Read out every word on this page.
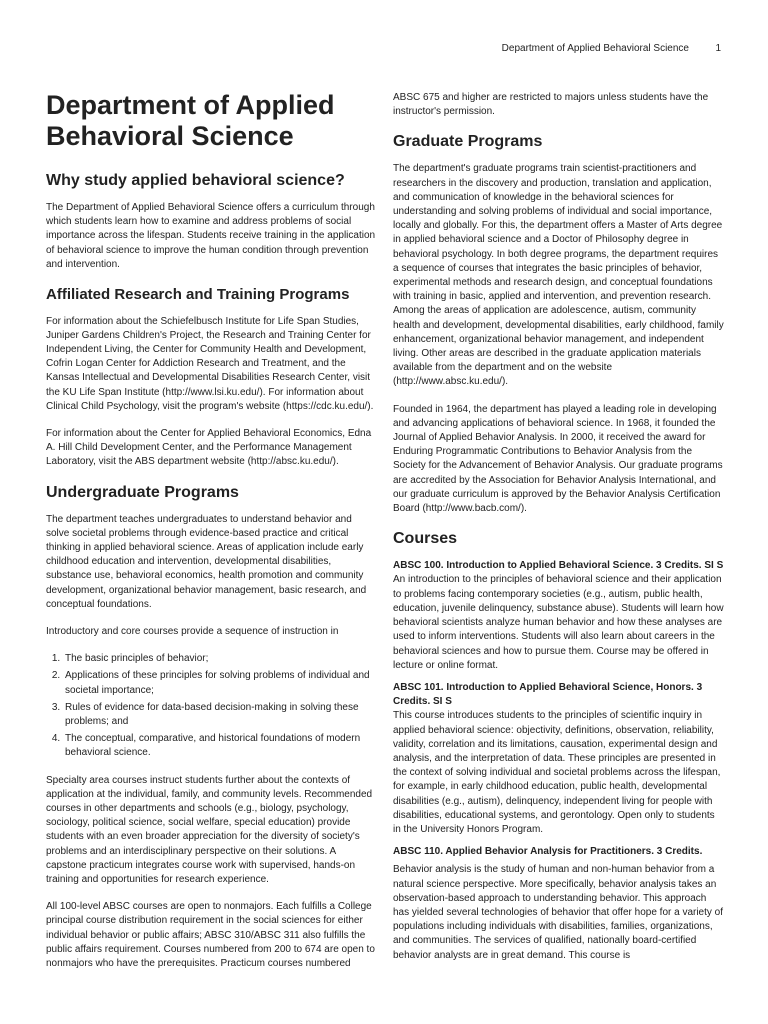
Department of Applied Behavioral Science	1
Department of Applied Behavioral Science
Why study applied behavioral science?

The Department of Applied Behavioral Science offers a curriculum through which students learn how to examine and address problems of social importance across the lifespan. Students receive training in the application of behavioral science to improve the human condition through prevention and intervention.

Affiliated Research and Training Programs

For information about the Schiefelbusch Institute for Life Span Studies, Juniper Gardens Children's Project, the Research and Training Center for Independent Living, the Center for Community Health and Development, Cofrin Logan Center for Addiction Research and Treatment, and the Kansas Intellectual and Developmental Disabilities Research Center, visit the KU Life Span Institute (http://www.lsi.ku.edu/). For information about Clinical Child Psychology, visit the program's website (https://cdc.ku.edu/).

For information about the Center for Applied Behavioral Economics, Edna A. Hill Child Development Center, and the Performance Management Laboratory, visit the ABS department website (http://absc.ku.edu/).

Undergraduate Programs

The department teaches undergraduates to understand behavior and solve societal problems through evidence-based practice and critical thinking in applied behavioral science. Areas of application include early childhood education and intervention, developmental disabilities, substance use, behavioral economics, health promotion and community development, organizational behavior management, basic research, and conceptual foundations.

Introductory and core courses provide a sequence of instruction in

1. The basic principles of behavior;
2. Applications of these principles for solving problems of individual and societal importance;
3. Rules of evidence for data-based decision-making in solving these problems; and
4. The conceptual, comparative, and historical foundations of modern behavioral science.

Specialty area courses instruct students further about the contexts of application at the individual, family, and community levels. Recommended courses in other departments and schools (e.g., biology, psychology, sociology, political science, social welfare, special education) provide students with an even broader appreciation for the diversity of society's problems and an interdisciplinary perspective on their solutions. A capstone practicum integrates course work with supervised, hands-on training and opportunities for research experience.

All 100-level ABSC courses are open to nonmajors. Each fulfills a College principal course distribution requirement in the social sciences for either individual behavior or public affairs; ABSC 310/ABSC 311 also fulfills the public affairs requirement. Courses numbered from 200 to 674 are open to nonmajors who have the prerequisites. Practicum courses numbered

ABSC 675 and higher are restricted to majors unless students have the instructor's permission.

Graduate Programs

The department's graduate programs train scientist-practitioners and researchers in the discovery and production, translation and application, and communication of knowledge in the behavioral sciences for understanding and solving problems of individual and social importance, locally and globally. For this, the department offers a Master of Arts degree in applied behavioral science and a Doctor of Philosophy degree in behavioral psychology. In both degree programs, the department requires a sequence of courses that integrates the basic principles of behavior, experimental methods and research design, and conceptual foundations with training in basic, applied and intervention, and prevention research. Among the areas of application are adolescence, autism, community health and development, developmental disabilities, early childhood, family enhancement, organizational behavior management, and independent living. Other areas are described in the graduate application materials available from the department and on the website (http://www.absc.ku.edu/).

Founded in 1964, the department has played a leading role in developing and advancing applications of behavioral science. In 1968, it founded the Journal of Applied Behavior Analysis. In 2000, it received the award for Enduring Programmatic Contributions to Behavior Analysis from the Society for the Advancement of Behavior Analysis. Our graduate programs are accredited by the Association for Behavior Analysis International, and our graduate curriculum is approved by the Behavior Analysis Certification Board (http://www.bacb.com/).

Courses
ABSC 100. Introduction to Applied Behavioral Science. 3 Credits. SI S

An introduction to the principles of behavioral science and their application to problems facing contemporary societies (e.g., autism, public health, education, juvenile delinquency, substance abuse). Students will learn how behavioral scientists analyze human behavior and how these analyses are used to inform interventions. Students will also learn about careers in the behavioral sciences and how to pursue them. Course may be offered in lecture or online format.

ABSC 101. Introduction to Applied Behavioral Science, Honors. 3 Credits. SI S

This course introduces students to the principles of scientific inquiry in applied behavioral science: objectivity, definitions, observation, reliability, validity, correlation and its limitations, causation, experimental design and analysis, and the interpretation of data. These principles are presented in the context of solving individual and societal problems across the lifespan, for example, in early childhood education, public health, developmental disabilities (e.g., autism), delinquency, independent living for people with disabilities, educational systems, and gerontology. Open only to students in the University Honors Program.

ABSC 110. Applied Behavior Analysis for Practitioners. 3 Credits.

Behavior analysis is the study of human and non-human behavior from a natural science perspective. More specifically, behavior analysis takes an observation-based approach to understanding behavior. This approach has yielded several technologies of behavior that offer hope for a variety of populations including individuals with disabilities, families, organizations, and communities. The services of qualified, nationally board-certified behavior analysts are in great demand. This course is
